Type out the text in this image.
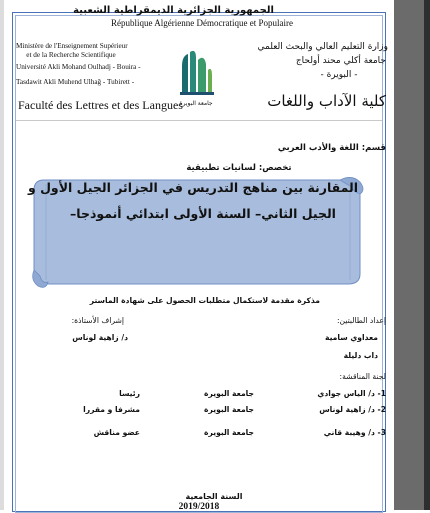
الجمهورية الجزائرية الديمقراطية الشعبية
République Algérienne Démocratique et Populaire
Ministère de l'Enseignement Supérieur
et de la Recherche Scientifique
Université Akli Mohand Oulhadj - Bouira -
Tasdawit Akli Muhend Ulhaǧ - Tubirett -
Faculté des Lettres et des Langues
وزارة التعليم العالي والبحث العلمي
جامعة أكلي محند أولحاج
- البويرة -
كلية الآداب واللغات
جامعة البويرة
قسم: اللغة والأدب العربي
تخصص: لسانيات تطبيقية
المقارنة بين مناهج التدريس في الجزائر الجيل الأول و
الجيل الثاني– السنة الأولى ابتدائي أنموذجا–
مذكرة مقدمة لاستكمال متطلبات الحصول على شهادة الماستر
إعداد الطالبتين:
إشراف الأستاذة:
معداوي سامية
داب دليلة
د/ زاهية لوناس
لجنة المناقشة:
1- د/ الياس جوادي
جامعة البويرة
رئيسا
2- د/ زاهية لوناس
جامعة البويرة
مشرفا و مقررا
3- د/ وهيبة قاني
جامعة البويرة
عضو مناقش
السنة الجامعية
2019/2018
